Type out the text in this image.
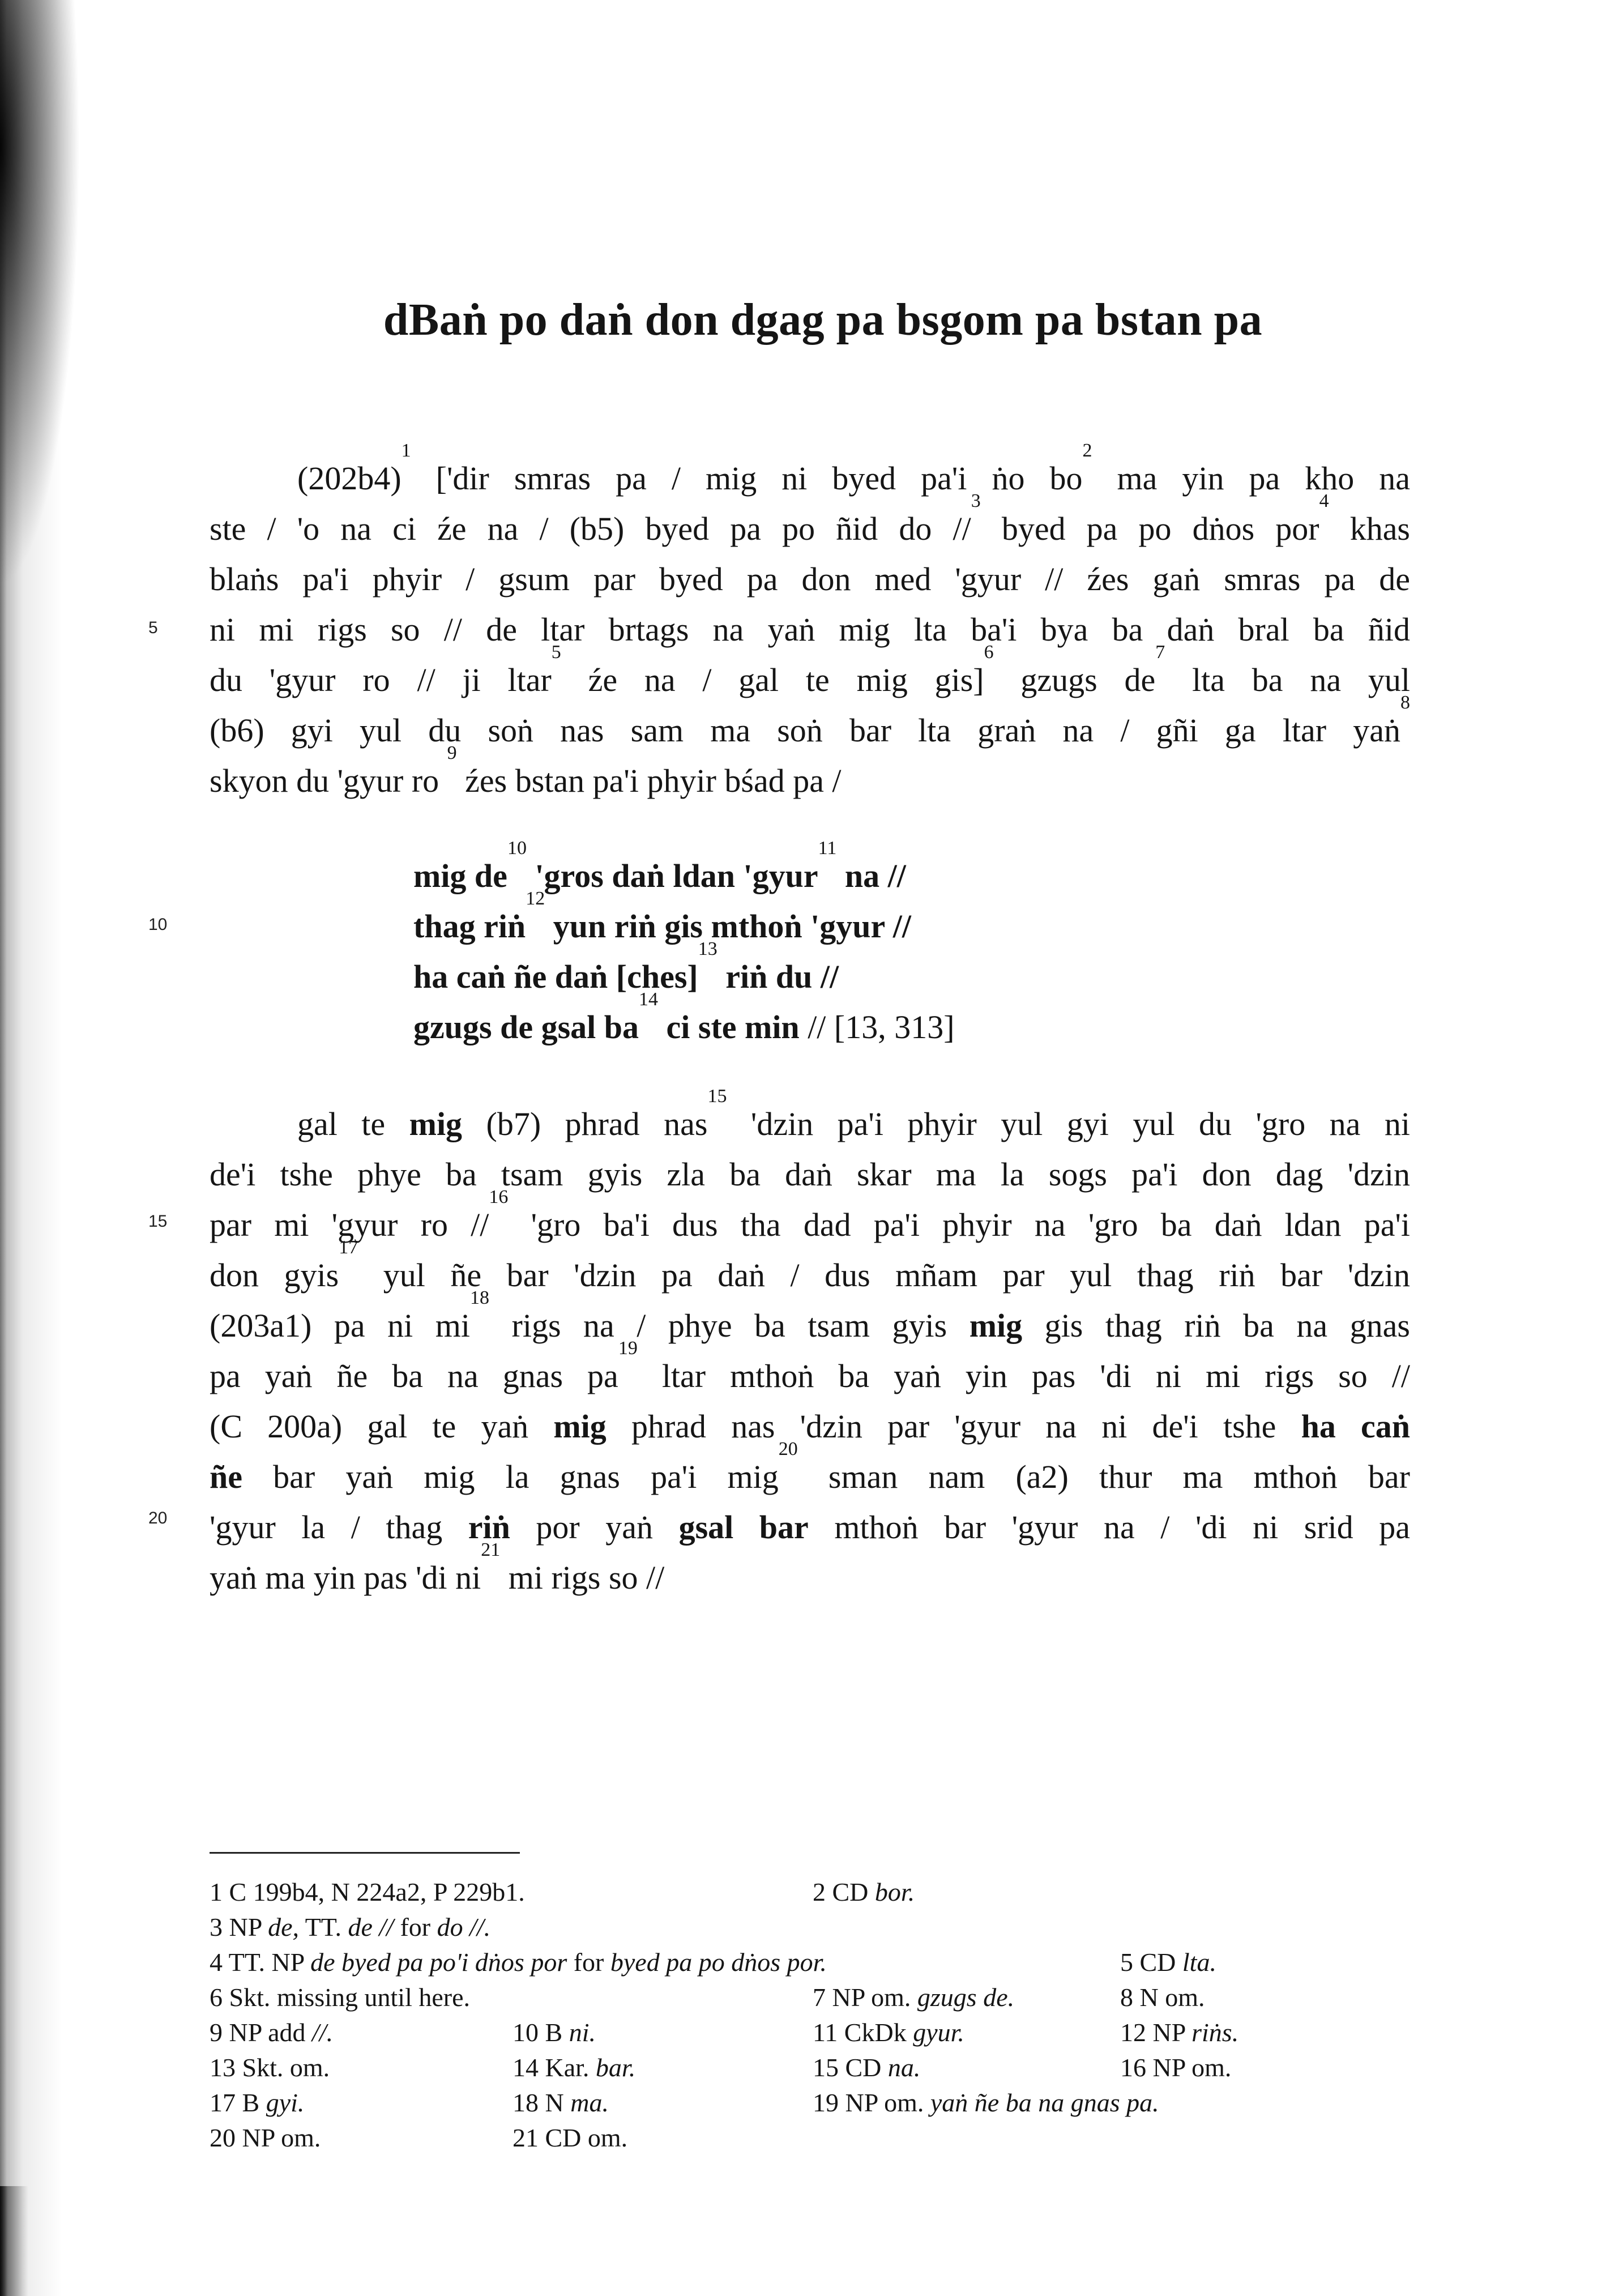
dBaṅ po daṅ don dgag pa bsgom pa bstan pa
5
10
15
20
$(202b4)^1$ ['dir smras pa / mig ni byed pa'i ṅo $bo^2$ ma yin pa kho na
ste / 'o na ci źe na / (b5) byed pa po ñid do //$^3$ byed pa po dṅos por$^4$ khas
blaṅs pa'i phyir / gsum par byed pa don med 'gyur // źes gaṅ smras pa de
ni mi rigs so // de ltar brtags na yaṅ mig lta ba'i bya ba daṅ bral ba ñid
du 'gyur ro // ji ltar$^5$ źe na / gal te mig gis]$^6$ gzugs $de^7$ lta ba na yul
(b6) gyi yul du soṅ nas sam ma soṅ bar lta graṅ na / gñi ga ltar yaṅ$^8$
skyon du 'gyur ro $^9$ źes bstan pa'i phyir bśad pa /
mig $de^{10}$ 'gros daṅ ldan 'gyur$^{11}$ na //
thag riṅ$^{12}$ yun riṅ gis mthoṅ 'gyur //
ha caṅ ñe daṅ [ches]$^{13}$ riṅ du //
gzugs de gsal $ba^{14}$ ci ste min // [13, 313]
gal te mig (b7) phrad nas$^{15}$ 'dzin pa'i phyir yul gyi yul du 'gro na ni
de'i tshe phye ba tsam gyis zla ba daṅ skar ma la sogs pa'i don dag 'dzin
par mi 'gyur ro //$^{16}$ 'gro ba'i dus tha dad pa'i phyir na 'gro ba daṅ ldan pa'i
don gyis$^{17}$ yul ñe bar 'dzin pa daṅ / dus mñam par yul thag riṅ bar 'dzin
(203a1) pa ni $mi^{18}$ rigs na / phye ba tsam gyis mig gis thag riṅ ba na gnas
pa yaṅ ñe ba na gnas $pa^{19}$ ltar mthoṅ ba yaṅ yin pas 'di ni mi rigs so //
(C 200a) gal te yaṅ mig phrad nas 'dzin par 'gyur na ni de'i tshe ha caṅ
ñe bar yaṅ mig la gnas pa'i mig$^{20}$ sman nam (a2) thur ma mthoṅ bar
'gyur la / thag riṅ por yaṅ gsal bar mthoṅ bar 'gyur na / 'di ni srid pa
yaṅ ma yin pas 'di $ni^{21}$ mi rigs so //
1 C 199b4, N 224a2, P 229b1.	2 CD bor.
3 NP de, TT. de // for do //.
4 TT. NP de byed pa po'i dṅos por for byed pa po dṅos por.	5 CD lta.
6 Skt. missing until here.	7 NP om. gzugs de.	8 N om.
9 NP add //.	10 B ni.	11 CkDk gyur.	12 NP riṅs.
13 Skt. om.	14 Kar. bar.	15 CD na.	16 NP om.
17 B gyi.	18 N ma.	19 NP om. yaṅ ñe ba na gnas pa.
20 NP om.	21 CD om.
